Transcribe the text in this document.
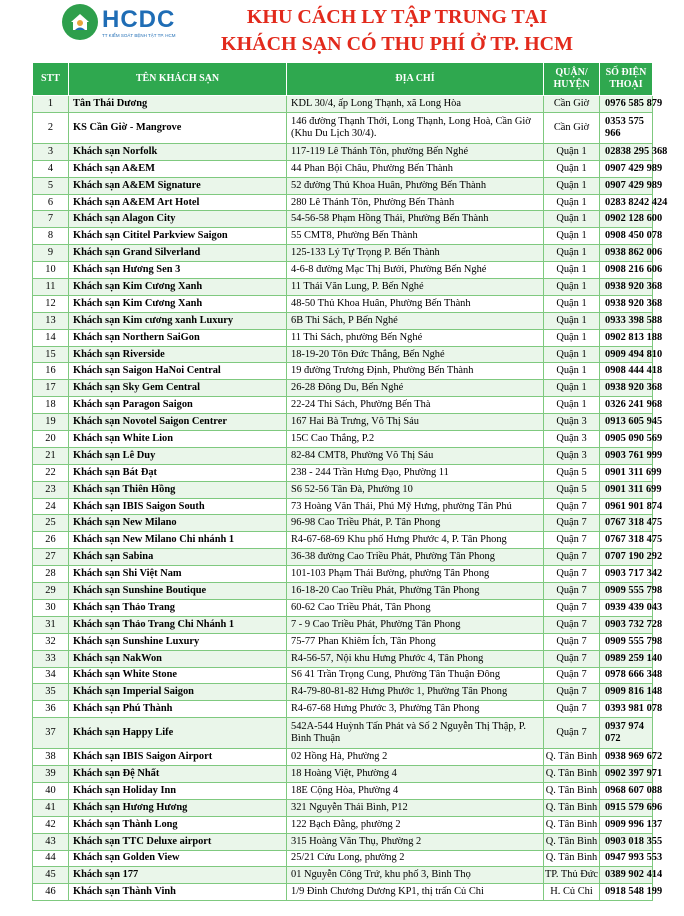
HCDC
TT KIỂM SOÁT BỆNH TẬT TP. HCM
KHU CÁCH LY TẬP TRUNG TẠI
KHÁCH SẠN CÓ THU PHÍ Ở TP. HCM
STT	TÊN KHÁCH SẠN	ĐỊA CHỈ	QUẬN/ HUYỆN	SỐ ĐIỆN THOẠI
1	Tân Thái Dương	KDL 30/4, ấp Long Thạnh, xã Long Hòa	Cần Giờ	0976 585 879
2	KS Cần Giờ - Mangrove	146 đường Thạnh Thới, Long Thạnh, Long Hoà, Cần Giờ (Khu Du Lịch 30/4).	Cần Giờ	0353 575 966
3	Khách sạn Norfolk	117-119 Lê Thánh Tôn, phường Bến Nghé	Quận 1	02838 295 368
4	Khách sạn A&EM	44 Phan Bội Châu, Phường Bến Thành	Quận 1	0907 429 989
5	Khách sạn A&EM Signature	52 đường Thủ Khoa Huân, Phường Bến Thành	Quận 1	0907 429 989
6	Khách sạn A&EM Art Hotel	280 Lê Thánh Tôn, Phường Bến Thành	Quận 1	0283 8242 424
7	Khách sạn Alagon City	54-56-58 Phạm Hồng Thái, Phường Bến Thành	Quận 1	0902 128 600
8	Khách sạn Cititel Parkview Saigon	55 CMT8, Phường Bến Thành	Quận 1	0908 450 078
9	Khách sạn Grand Silverland	125-133 Lý Tự Trọng P. Bến Thành	Quận 1	0938 862 006
10	Khách sạn Hương Sen 3	4-6-8 đường Mạc Thị Bưởi, Phường Bến Nghé	Quận 1	0908 216 606
11	Khách sạn Kim Cương Xanh	11 Thái Văn Lung, P. Bến Nghé	Quận 1	0938 920 368
12	Khách sạn Kim Cương Xanh	48-50 Thủ Khoa Huân, Phường Bến Thành	Quận 1	0938 920 368
13	Khách sạn Kim cương xanh Luxury	6B Thi Sách, P Bến Nghé	Quận 1	0933 398 588
14	Khách sạn Northern SaiGon	11 Thi Sách, phường Bến Nghé	Quận 1	0902 813 188
15	Khách sạn Riverside	18-19-20 Tôn Đức Thắng, Bến Nghé	Quận 1	0909 494 810
16	Khách sạn Saigon HaNoi Central	19 đường Trương Định, Phường Bến Thành	Quận 1	0908 444 418
17	Khách sạn Sky Gem Central	26-28 Đông Du, Bến Nghé	Quận 1	0938 920 368
18	Khách sạn Paragon Saigon	22-24 Thi Sách, Phường Bến Thà	Quận 1	0326 241 968
19	Khách sạn Novotel Saigon Centrer	167 Hai Bà Trưng, Võ Thị Sáu	Quận 3	0913 605 945
20	Khách sạn White Lion	15C Cao Thắng, P.2	Quận 3	0905 090 569
21	Khách sạn Lê Duy	82-84 CMT8, Phường Võ Thị Sáu	Quận 3	0903 761 999
22	Khách sạn Bát Đạt	238 - 244 Trần Hưng Đạo, Phường 11	Quận 5	0901 311 699
23	Khách sạn Thiên Hồng	S6 52-56 Tân Đà, Phường 10	Quận 5	0901 311 699
24	Khách sạn IBIS Saigon South	73 Hoàng Văn Thái, Phú Mỹ Hưng, phường Tân Phú	Quận 7	0961 901 874
25	Khách sạn New Milano	96-98 Cao Triều Phát, P. Tân Phong	Quận 7	0767 318 475
26	Khách sạn New Milano Chi nhánh 1	R4-67-68-69 Khu phố Hưng Phước 4, P. Tân Phong	Quận 7	0767 318 475
27	Khách sạn Sabina	36-38 đường Cao Triều Phát, Phường Tân Phong	Quận 7	0707 190 292
28	Khách sạn Shi Việt Nam	101-103 Phạm Thái Bường, phường Tân Phong	Quận 7	0903 717 342
29	Khách sạn Sunshine Boutique	16-18-20 Cao Triều Phát, Phường Tân Phong	Quận 7	0909 555 798
30	Khách sạn Thảo Trang	60-62 Cao Triều Phát, Tân Phong	Quận 7	0939 439 043
31	Khách sạn Thảo Trang Chi Nhánh 1	7 - 9 Cao Triều Phát, Phường Tân Phong	Quận 7	0903 732 728
32	Khách sạn Sunshine Luxury	75-77 Phan Khiêm Ích, Tân Phong	Quận 7	0909 555 798
33	Khách sạn NakWon	R4-56-57, Nội khu Hưng Phước 4, Tân Phong	Quận 7	0989 259 140
34	Khách sạn White Stone	S6 41 Trần Trọng Cung, Phường Tân Thuận Đông	Quận 7	0978 666 348
35	Khách sạn Imperial Saigon	R4-79-80-81-82 Hưng Phước 1, Phường Tân Phong	Quận 7	0909 816 148
36	Khách sạn Phú Thành	R4-67-68 Hưng Phước 3, Phường Tân Phong	Quận 7	0393 981 078
37	Khách sạn Happy Life	542A-544 Huỳnh Tấn Phát và Số 2 Nguyễn Thị Thập, P. Bình Thuận	Quận 7	0937 974 072
38	Khách sạn IBIS Saigon Airport	02 Hồng Hà, Phường 2	Q. Tân Bình	0938 969 672
39	Khách sạn Đệ Nhất	18 Hoàng Việt, Phường 4	Q. Tân Bình	0902 397 971
40	Khách sạn Holiday Inn	18E Cộng Hòa, Phường 4	Q. Tân Bình	0968 607 088
41	Khách sạn Hương Hương	321 Nguyễn Thái Bình, P12	Q. Tân Bình	0915 579 696
42	Khách sạn Thành Long	122 Bạch Đằng, phường 2	Q. Tân Bình	0909 996 137
43	Khách sạn TTC Deluxe airport	315 Hoàng Văn Thụ, Phường 2	Q. Tân Bình	0903 018 355
44	Khách sạn Golden View	25/21 Cửu Long, phường 2	Q. Tân Bình	0947 993 553
45	Khách sạn 177	01 Nguyễn Công Trứ, khu phố 3, Bình Thọ	TP. Thủ Đức	0389 902 414
46	Khách sạn Thành Vinh	1/9 Đinh Chương Dương KP1, thị trấn Củ Chi	H. Củ Chi	0918 548 199
